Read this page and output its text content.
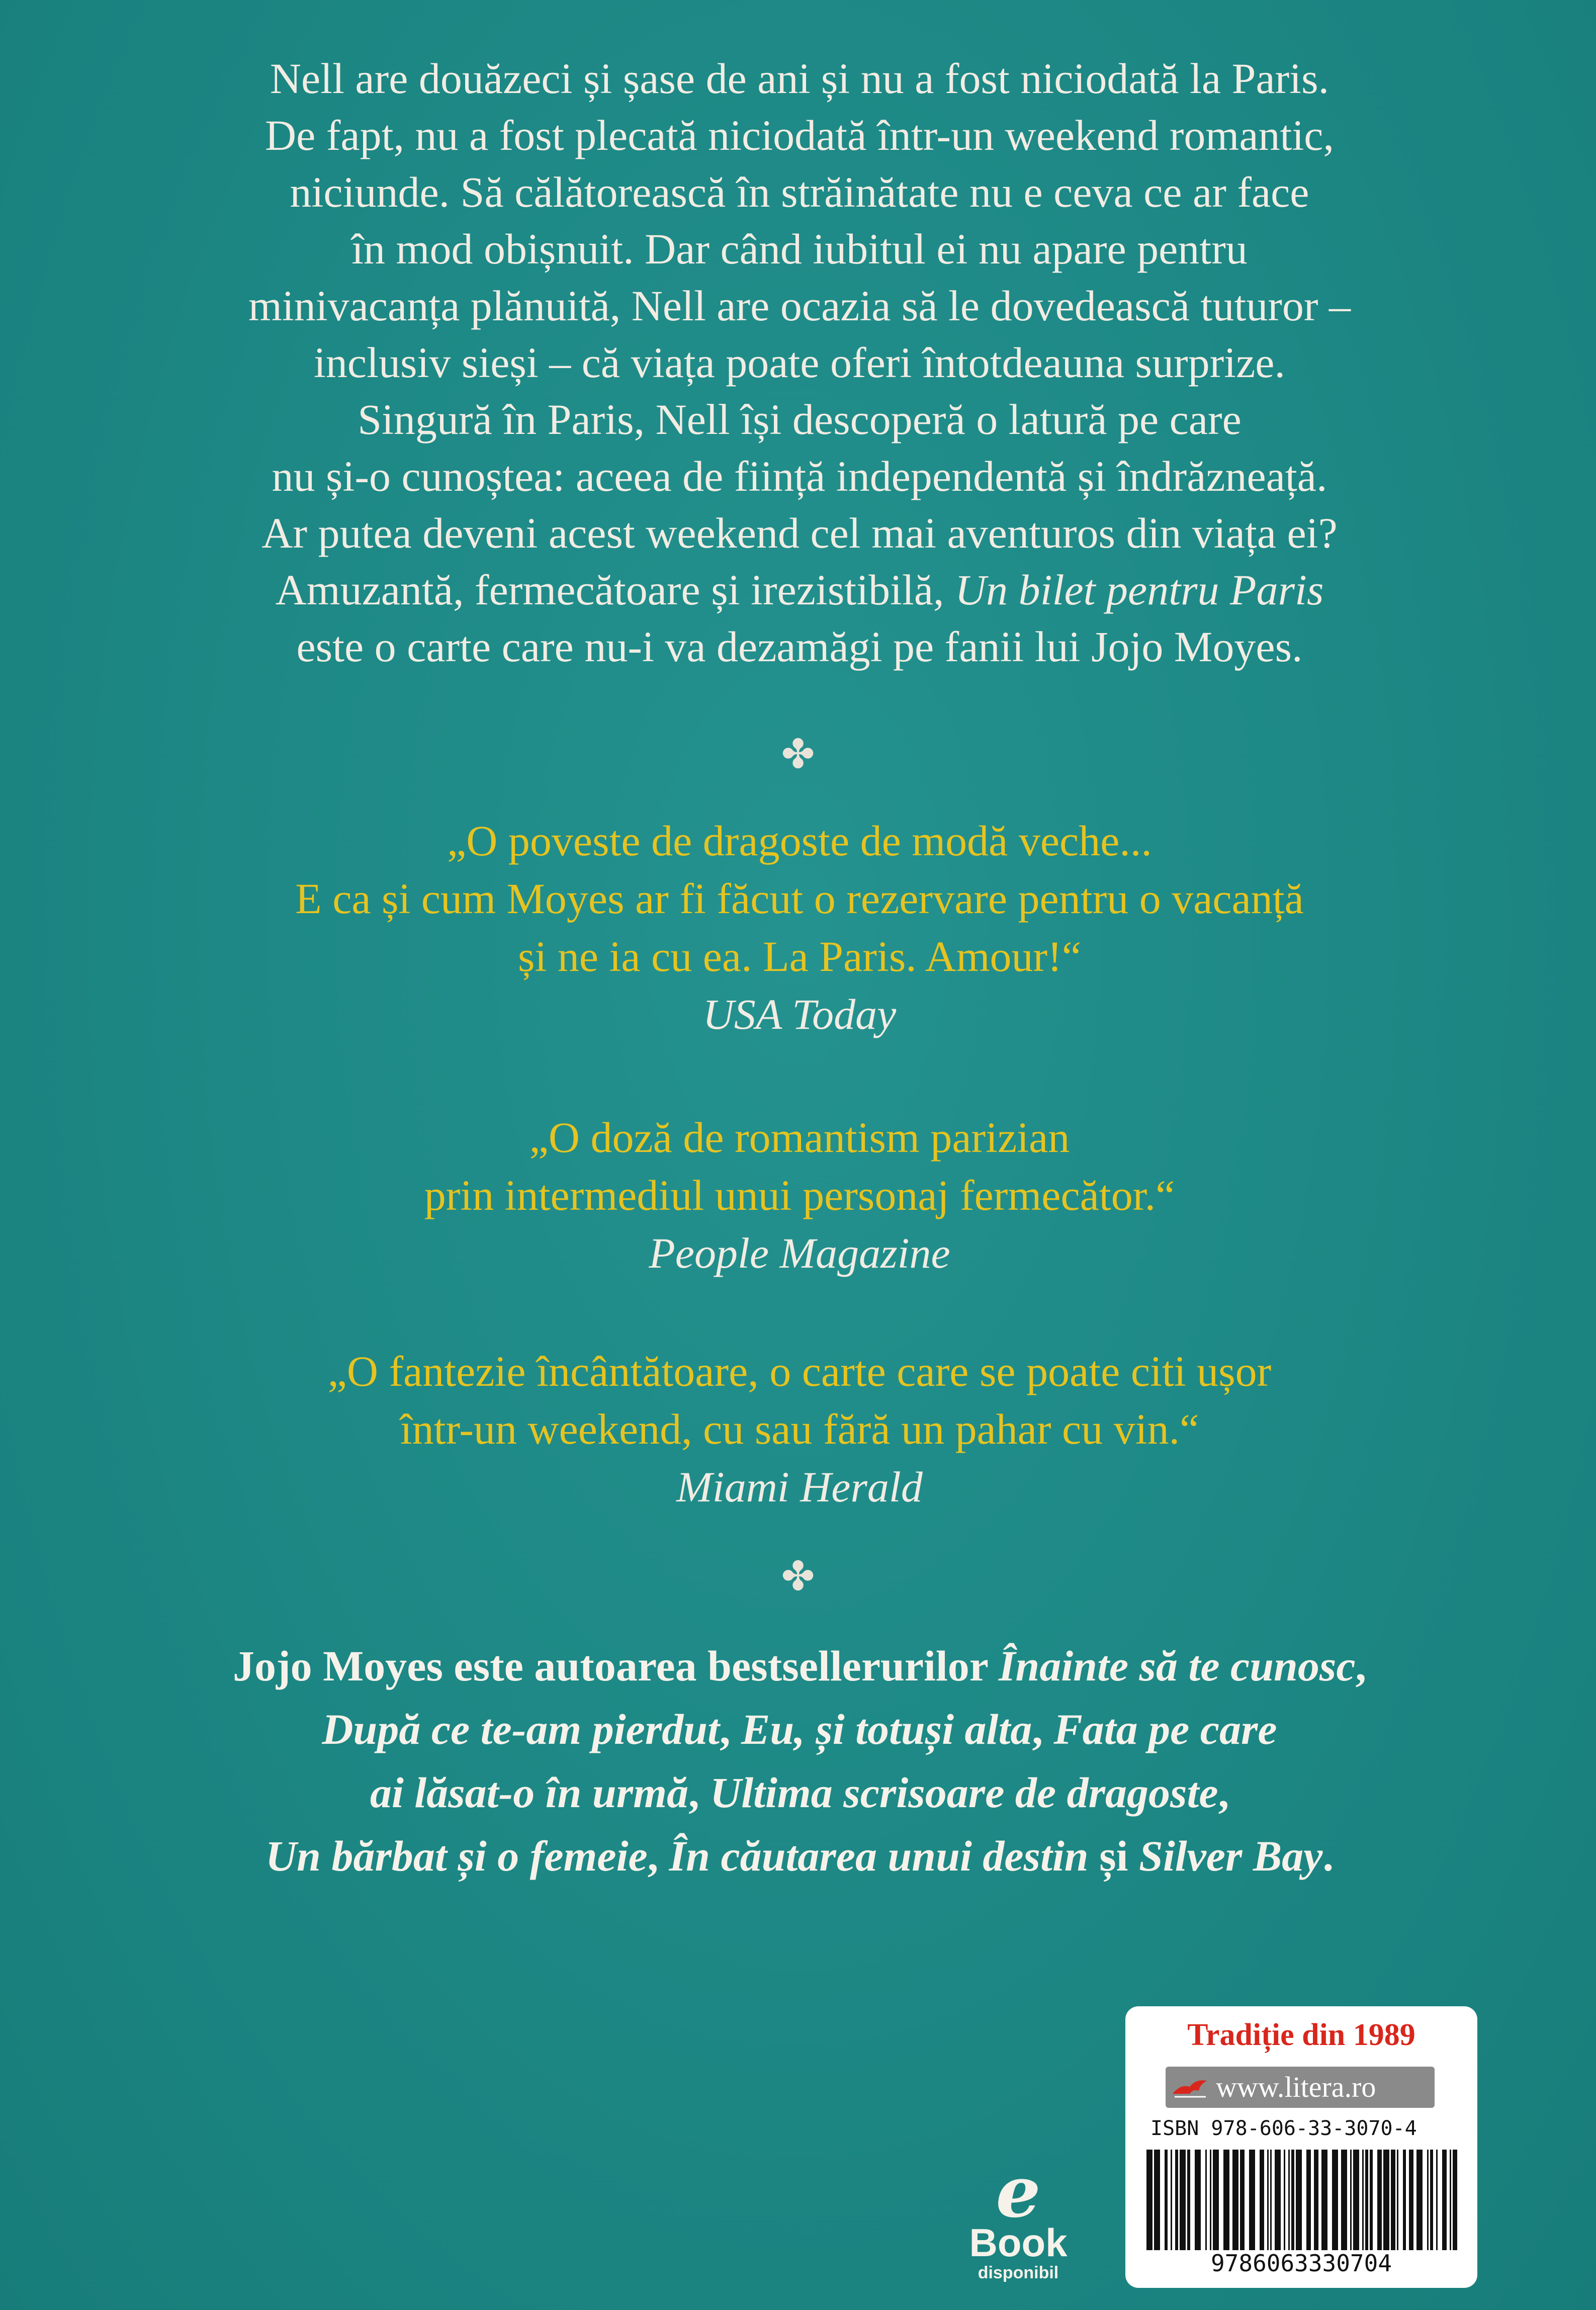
Nell are douăzeci și șase de ani și nu a fost niciodată la Paris.
De fapt, nu a fost plecată niciodată într-un weekend romantic,
niciunde. Să călătorească în străinătate nu e ceva ce ar face
în mod obișnuit. Dar când iubitul ei nu apare pentru
minivacanța plănuită, Nell are ocazia să le dovedească tuturor –
inclusiv sieși – că viața poate oferi întotdeauna surprize.
Singură în Paris, Nell își descoperă o latură pe care
nu și-o cunoștea: aceea de ființă independentă și îndrăzneață.
Ar putea deveni acest weekend cel mai aventuros din viața ei?
Amuzantă, fermecătoare și irezistibilă, Un bilet pentru Paris
este o carte care nu-i va dezamăgi pe fanii lui Jojo Moyes.
✤
„O poveste de dragoste de modă veche...
E ca și cum Moyes ar fi făcut o rezervare pentru o vacanță
și ne ia cu ea. La Paris. Amour!“
USA Today
„O doză de romantism parizian
prin intermediul unui personaj fermecător.“
People Magazine
„O fantezie încântătoare, o carte care se poate citi ușor
într-un weekend, cu sau fără un pahar cu vin.“
Miami Herald
✤
Jojo Moyes este autoarea bestsellerurilor Înainte să te cunosc,
După ce te-am pierdut, Eu, și totuși alta, Fata pe care
ai lăsat-o în urmă, Ultima scrisoare de dragoste,
Un bărbat și o femeie, În căutarea unui destin și Silver Bay.
e
Book
disponibil
Tradiție din 1989
www.litera.ro
ISBN 978-606-33-3070-4
9786063330704
